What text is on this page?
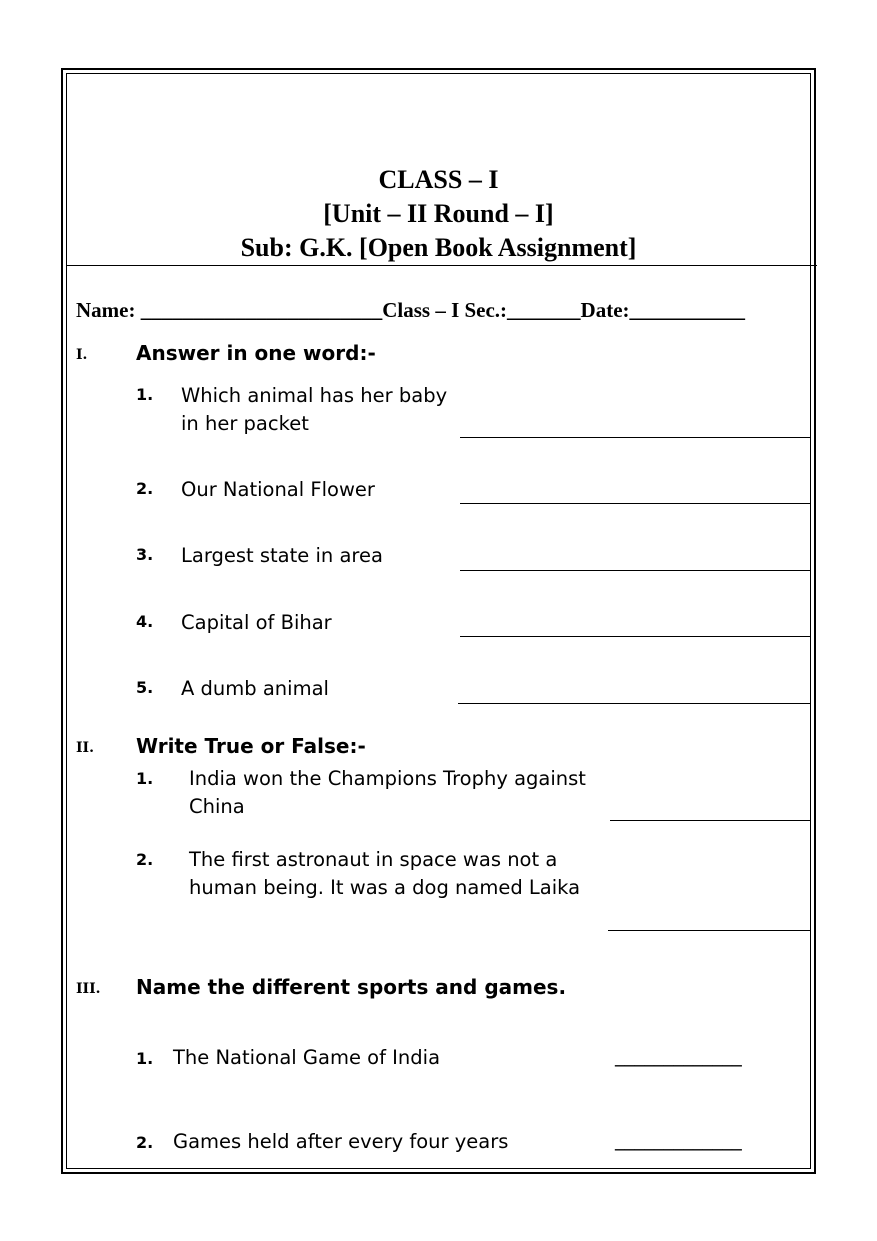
CLASS – I
[Unit – II Round – I]
Sub: G.K. [Open Book Assignment]
Name: _______________________Class – I Sec.:_______Date:___________
I. Answer in one word:-
1. Which animal has her baby in her packet
2. Our National Flower
3. Largest state in area
4. Capital of Bihar
5. A dumb animal
II. Write True or False:-
1. India won the Champions Trophy against China
2. The first astronaut in space was not a human being. It was a dog named Laika
III. Name the different sports and games.
1. The National Game of India	_____________
2. Games held after every four years	_____________
